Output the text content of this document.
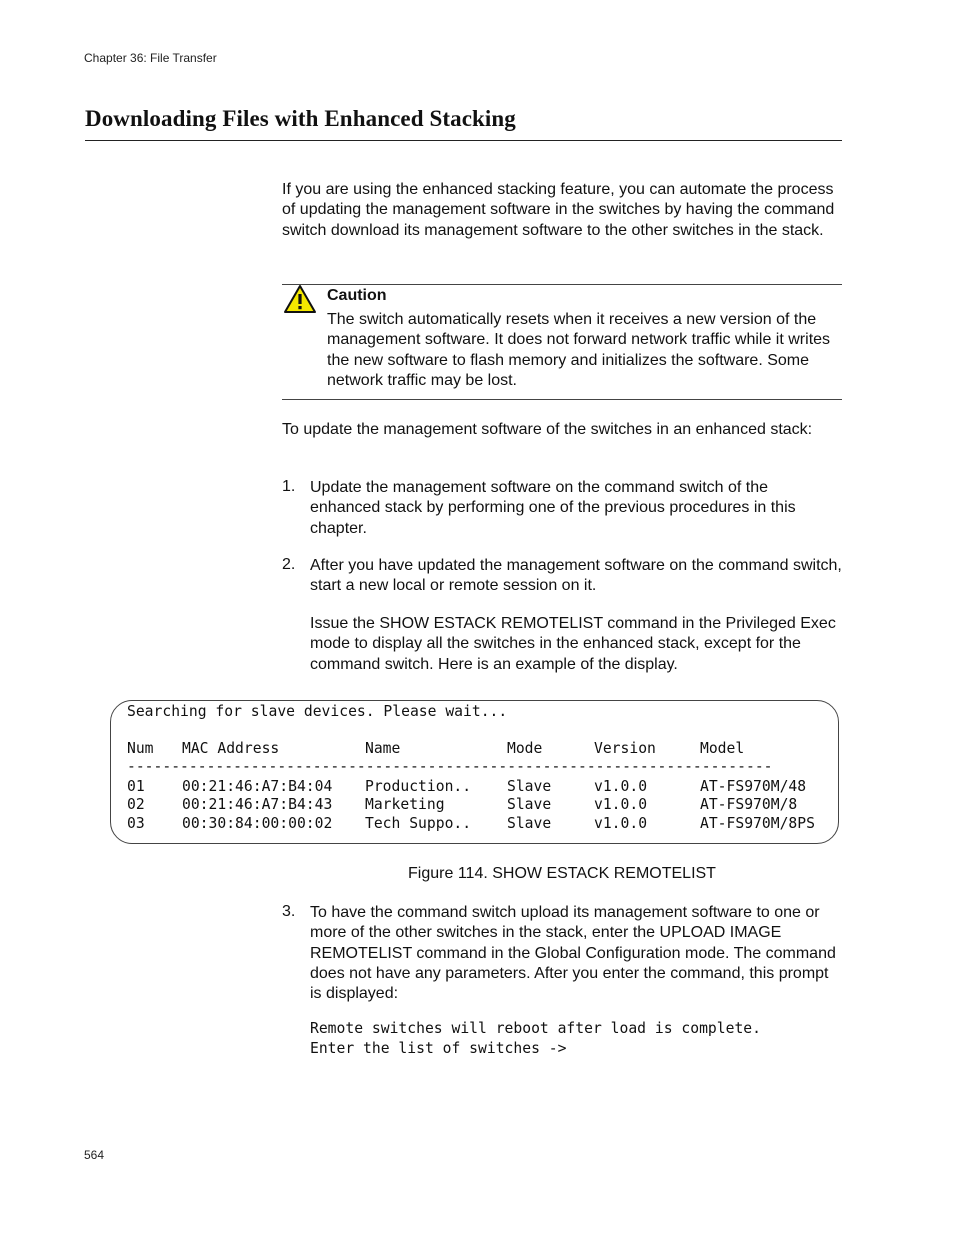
Chapter 36: File Transfer
Downloading Files with Enhanced Stacking
If you are using the enhanced stacking feature, you can automate the process of updating the management software in the switches by having the command switch download its management software to the other switches in the stack.
Caution
The switch automatically resets when it receives a new version of the management software. It does not forward network traffic while it writes the new software to flash memory and initializes the software. Some network traffic may be lost.
To update the management software of the switches in an enhanced stack:
1. Update the management software on the command switch of the enhanced stack by performing one of the previous procedures in this chapter.
2. After you have updated the management software on the command switch, start a new local or remote session on it.
Issue the SHOW ESTACK REMOTELIST command in the Privileged Exec mode to display all the switches in the enhanced stack, except for the command switch. Here is an example of the display.
Searching for slave devices. Please wait...
Num MAC Address	Name	Mode	Version	Model
-------------------------------------------------------------------------
01	00:21:46:A7:B4:04 Production.. Slave	v1.0.0	AT-FS970M/48
02	00:21:46:A7:B4:43 Marketing	Slave	v1.0.0	AT-FS970M/8
03	00:30:84:00:00:02 Tech Suppo.. Slave	v1.0.0	AT-FS970M/8PS
Figure 114. SHOW ESTACK REMOTELIST
3. To have the command switch upload its management software to one or more of the other switches in the stack, enter the UPLOAD IMAGE REMOTELIST command in the Global Configuration mode. The command does not have any parameters. After you enter the command, this prompt is displayed:
Remote switches will reboot after load is complete.
Enter the list of switches ->
564
